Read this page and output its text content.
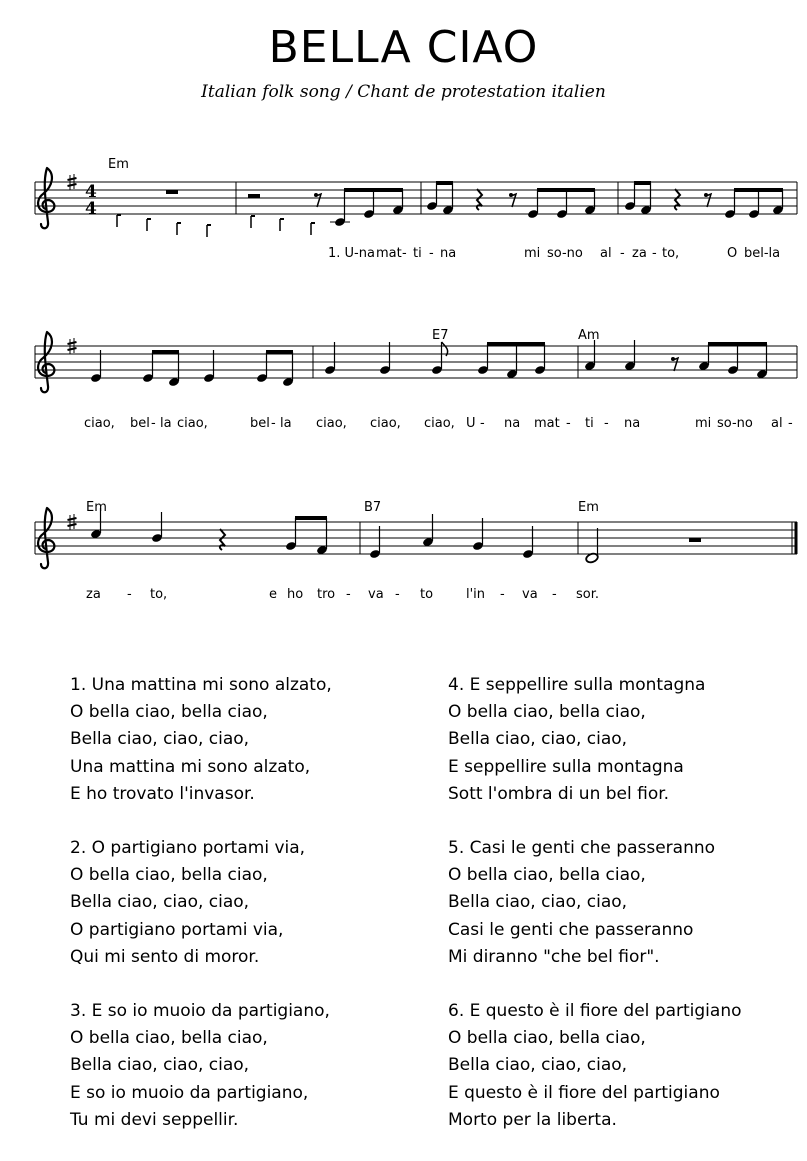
BELLA CIAO
Italian folk song / Chant de protestation italien
4
4
Em
1. U-na mat - ti - na	mi so-no al - za - to,	O bel-la
E7	Am
ciao, bel - la ciao,	bel - la ciao, ciao, ciao, U - na mat - ti - na	mi so-no al -
Em	B7	Em
za - to,	e ho tro - va - to	l'in - va - sor.
1. Una mattina mi sono alzato,
O bella ciao, bella ciao,
Bella ciao, ciao, ciao,
Una mattina mi sono alzato,
E ho trovato l'invasor.
2. O partigiano portami via,
O bella ciao, bella ciao,
Bella ciao, ciao, ciao,
O partigiano portami via,
Qui mi sento di moror.
3. E so io muoio da partigiano,
O bella ciao, bella ciao,
Bella ciao, ciao, ciao,
E so io muoio da partigiano,
Tu mi devi seppellir.
4. E seppellire sulla montagna
O bella ciao, bella ciao,
Bella ciao, ciao, ciao,
E seppellire sulla montagna
Sott l'ombra di un bel fior.
5. Casi le genti che passeranno
O bella ciao, bella ciao,
Bella ciao, ciao, ciao,
Casi le genti che passeranno
Mi diranno "che bel fior".
6. E questo è il fiore del partigiano
O bella ciao, bella ciao,
Bella ciao, ciao, ciao,
E questo è il fiore del partigiano
Morto per la liberta.
